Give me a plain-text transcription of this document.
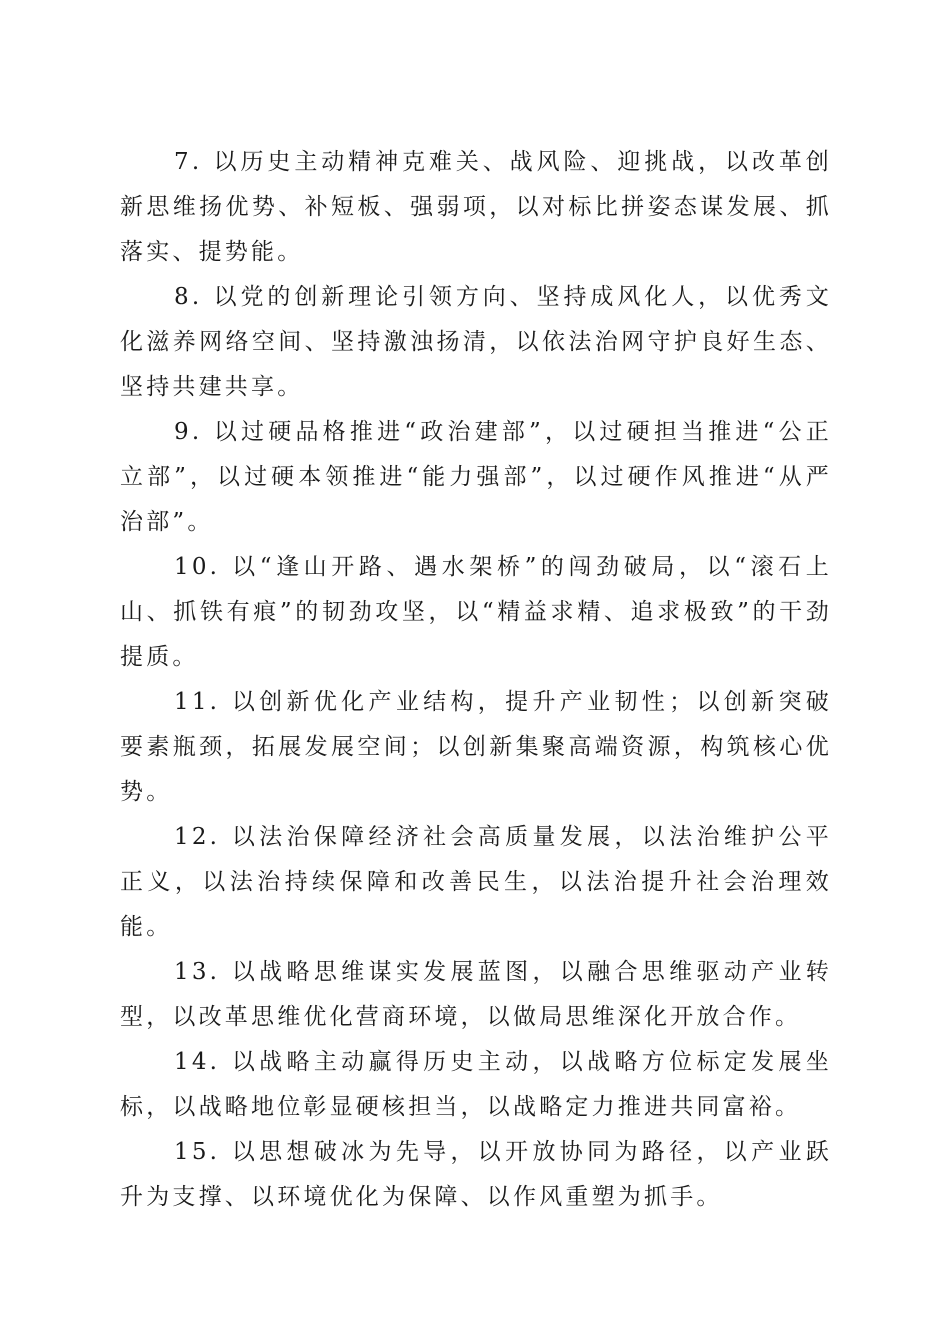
7. 以历史主动精神克难关、战风险、迎挑战，以改革创新思维扬优势、补短板、强弱项，以对标比拼姿态谋发展、抓落实、提势能。

8. 以党的创新理论引领方向、坚持成风化人，以优秀文化滋养网络空间、坚持激浊扬清，以依法治网守护良好生态、坚持共建共享。

9. 以过硬品格推进“政治建部”，以过硬担当推进“公正立部”，以过硬本领推进“能力强部”，以过硬作风推进“从严治部”。

10. 以“逢山开路、遇水架桥”的闯劲破局，以“滚石上山、抓铁有痕”的韧劲攻坚，以“精益求精、追求极致”的干劲提质。

11. 以创新优化产业结构，提升产业韧性；以创新突破要素瓶颈，拓展发展空间；以创新集聚高端资源，构筑核心优势。

12. 以法治保障经济社会高质量发展，以法治维护公平正义，以法治持续保障和改善民生，以法治提升社会治理效能。

13. 以战略思维谋实发展蓝图，以融合思维驱动产业转型，以改革思维优化营商环境，以做局思维深化开放合作。

14. 以战略主动赢得历史主动，以战略方位标定发展坐标，以战略地位彰显硬核担当，以战略定力推进共同富裕。

15. 以思想破冰为先导，以开放协同为路径，以产业跃升为支撑、以环境优化为保障、以作风重塑为抓手。
